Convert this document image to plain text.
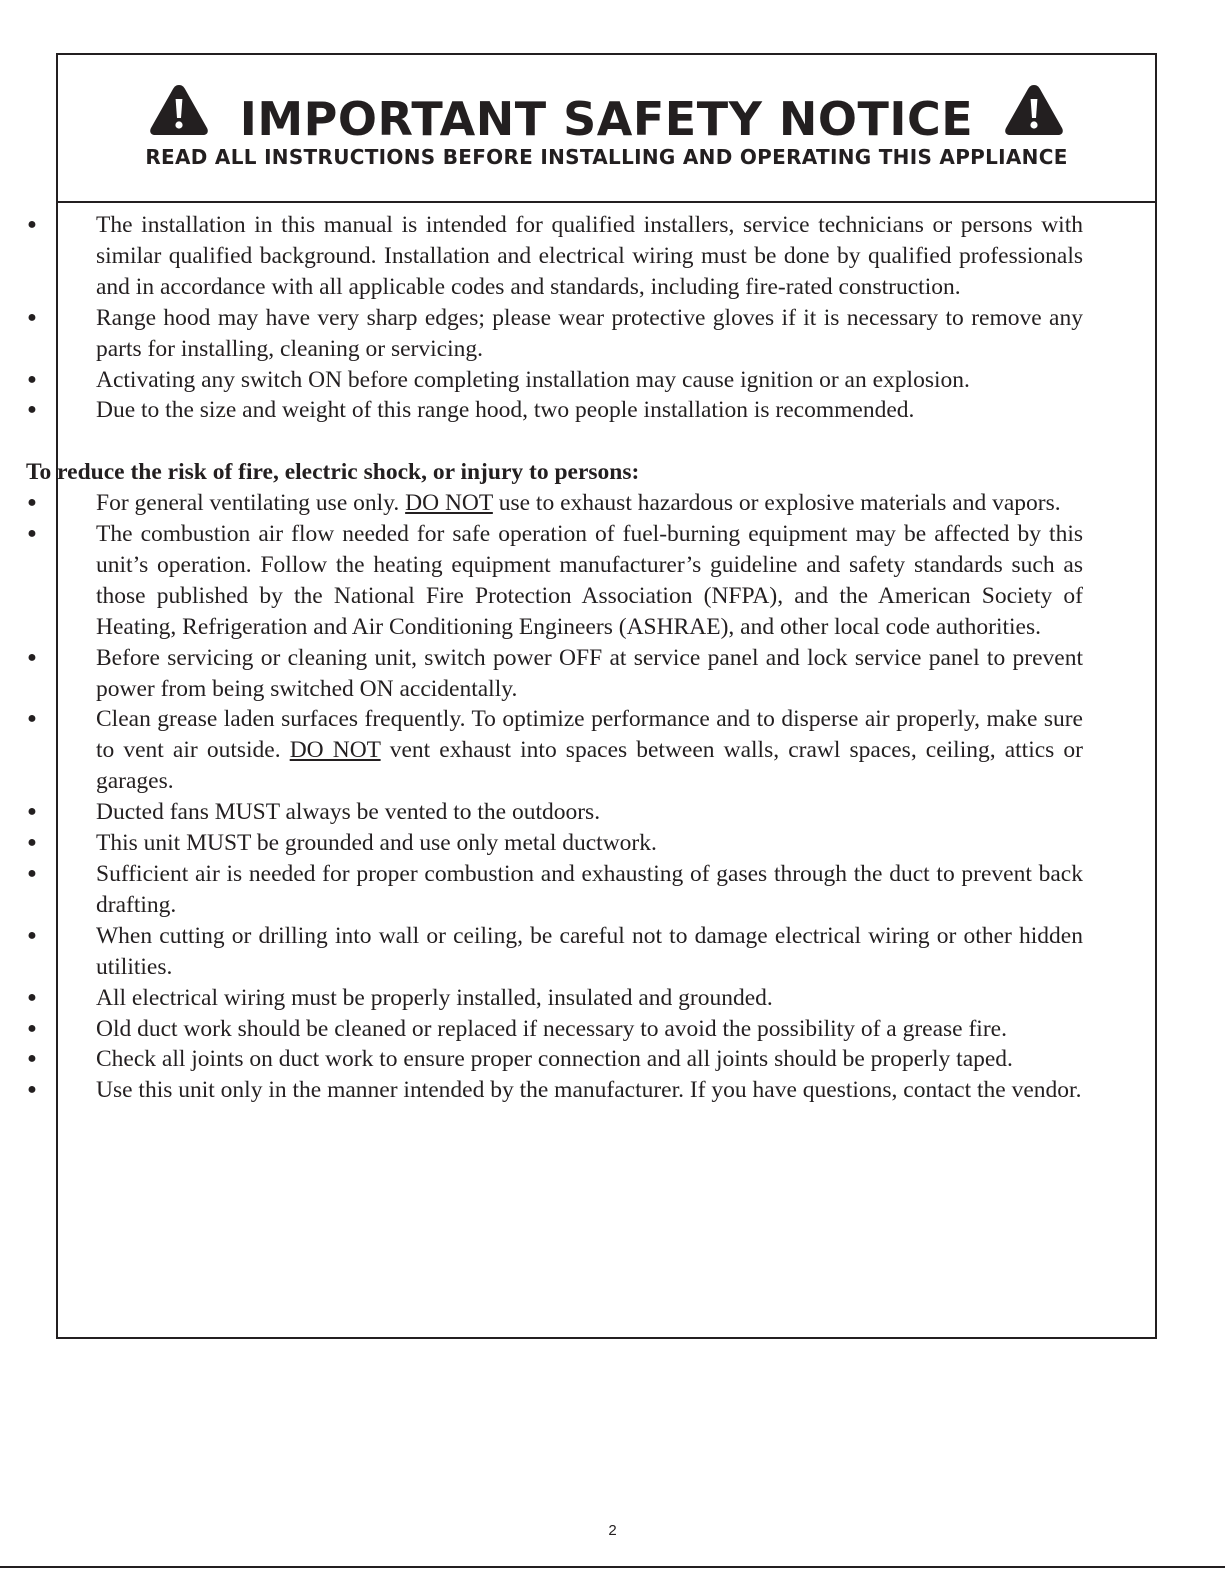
IMPORTANT SAFETY NOTICE
READ ALL INSTRUCTIONS BEFORE INSTALLING AND OPERATING THIS APPLIANCE
●	The installation in this manual is intended for qualified installers, service technicians or persons with similar qualified background. Installation and electrical wiring must be done by qualified professionals and in accordance with all applicable codes and standards, including fire-rated construction.
●	Range hood may have very sharp edges; please wear protective gloves if it is necessary to remove any parts for installing, cleaning or servicing.
●	Activating any switch ON before completing installation may cause ignition or an explosion.
●	Due to the size and weight of this range hood, two people installation is recommended.
To reduce the risk of fire, electric shock, or injury to persons:
●	For general ventilating use only. DO NOT use to exhaust hazardous or explosive materials and vapors.
●	The combustion air flow needed for safe operation of fuel-burning equipment may be affected by this unit’s operation. Follow the heating equipment manufacturer’s guideline and safety standards such as those published by the National Fire Protection Association (NFPA), and the American Society of Heating, Refrigeration and Air Conditioning Engineers (ASHRAE), and other local code authorities.
●	Before servicing or cleaning unit, switch power OFF at service panel and lock service panel to prevent power from being switched ON accidentally.
●	Clean grease laden surfaces frequently. To optimize performance and to disperse air properly, make sure to vent air outside. DO NOT vent exhaust into spaces between walls, crawl spaces, ceiling, attics or garages.
●	Ducted fans MUST always be vented to the outdoors.
●	This unit MUST be grounded and use only metal ductwork.
●	Sufficient air is needed for proper combustion and exhausting of gases through the duct to prevent back drafting.
●	When cutting or drilling into wall or ceiling, be careful not to damage electrical wiring or other hidden utilities.
●	All electrical wiring must be properly installed, insulated and grounded.
●	Old duct work should be cleaned or replaced if necessary to avoid the possibility of a grease fire.
●	Check all joints on duct work to ensure proper connection and all joints should be properly taped.
●	Use this unit only in the manner intended by the manufacturer. If you have questions, contact the vendor.
2
